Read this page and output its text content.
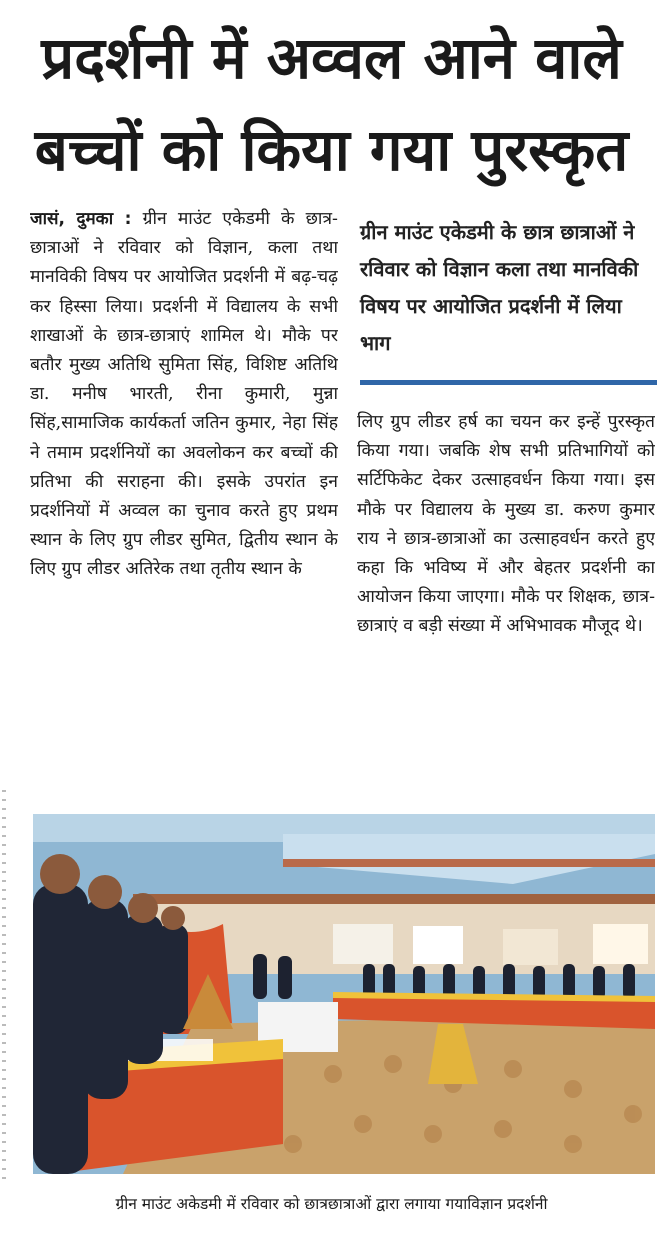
प्रदर्शनी में अव्वल आने वाले
बच्चों को किया गया पुरस्कृत
जासं, दुमका : ग्रीन माउंट एकेडमी के छात्र-छात्राओं ने रविवार को विज्ञान, कला तथा मानविकी विषय पर आयोजित प्रदर्शनी में बढ़-चढ़ कर हिस्सा लिया। प्रदर्शनी में विद्यालय के सभी शाखाओं के छात्र-छात्राएं शामिल थे। मौके पर बतौर मुख्य अतिथि सुमिता सिंह, विशिष्ट अतिथि डा. मनीष भारती, रीना कुमारी, मुन्ना सिंह,सामाजिक कार्यकर्ता जतिन कुमार, नेहा सिंह ने तमाम प्रदर्शनियों का अवलोकन कर बच्चों की प्रतिभा की सराहना की। इसके उपरांत इन प्रदर्शनियों में अव्वल का चुनाव करते हुए प्रथम स्थान के लिए ग्रुप लीडर सुमित, द्वितीय स्थान के लिए ग्रुप लीडर अतिरेक तथा तृतीय स्थान के
ग्रीन माउंट एकेडमी के छात्र छात्राओं ने रविवार को विज्ञान कला तथा मानविकी विषय पर आयोजित प्रदर्शनी में लिया भाग
लिए ग्रुप लीडर हर्ष का चयन कर इन्हें पुरस्कृत किया गया। जबकि शेष सभी प्रतिभागियों को सर्टिफिकेट देकर उत्साहवर्धन किया गया। इस मौके पर विद्यालय के मुख्य डा. करुण कुमार राय ने छात्र-छात्राओं का उत्साहवर्धन करते हुए कहा कि भविष्य में और बेहतर प्रदर्शनी का आयोजन किया जाएगा। मौके पर शिक्षक, छात्र-छात्राएं व बड़ी संख्या में अभिभावक मौजूद थे।
ग्रीन माउंट अकेडमी में रविवार को छात्रछात्राओं द्वारा लगाया गयाविज्ञान प्रदर्शनी
